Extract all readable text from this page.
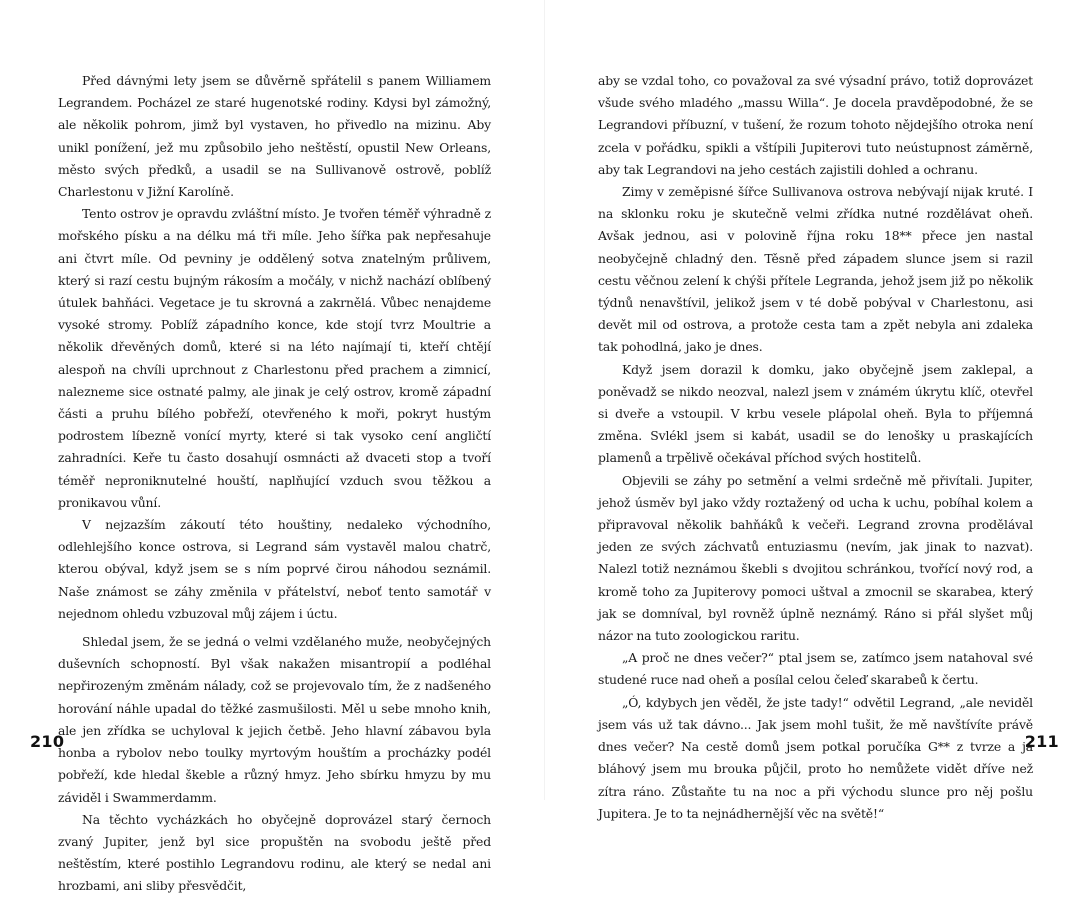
Před dávnými lety jsem se důvěrně spřátelil s panem Williamem Legrandem. Pocházel ze staré hugenotské rodiny. Kdysi byl zámožný, ale několik pohrom, jimž byl vystaven, ho přivedlo na mizinu. Aby unikl ponížení, jež mu způsobilo jeho neštěstí, opustil New Orleans, město svých předků, a usadil se na Sullivanově ostrově, poblíž Charlestonu v Jižní Karolíně.

Tento ostrov je opravdu zvláštní místo. Je tvořen téměř výhradně z mořského písku a na délku má tři míle. Jeho šířka pak nepřesahuje ani čtvrt míle. Od pevniny je oddělený sotva znatelným průlivem, který si razí cestu bujným rákosím a močály, v nichž nachází oblíbený útulek bahňáci. Vegetace je tu skrovná a zakrnělá. Vůbec nenajdeme vysoké stromy. Poblíž západního konce, kde stojí tvrz Moultrie a několik dřevěných domů, které si na léto najímají ti, kteří chtějí alespoň na chvíli uprchnout z Charlestonu před prachem a zimnicí, nalezneme sice ostnaté palmy, ale jinak je celý ostrov, kromě západní části a pruhu bílého pobřeží, otevřeného k moři, pokryt hustým podrostem líbezně vonící myrty, které si tak vysoko cení angličtí zahradníci. Keře tu často dosahují osmnácti až dvaceti stop a tvoří téměř neproniknutelné houští, naplňující vzduch svou těžkou a pronikavou vůní.

V nejzazším zákoutí této houštiny, nedaleko východního, odlehlejšího konce ostrova, si Legrand sám vystavěl malou chatrč, kterou obýval, když jsem se s ním poprvé čirou náhodou seznámil. Naše známost se záhy změnila v přátelství, neboť tento samotář v nejednom ohledu vzbuzoval můj zájem i úctu.

Shledal jsem, že se jedná o velmi vzdělaného muže, neobyčejných duševních schopností. Byl však nakažen misantropií a podléhal nepřirozeným změnám nálady, což se projevovalo tím, že z nadšeného horování náhle upadal do těžké zasmušilosti. Měl u sebe mnoho knih, ale jen zřídka se uchyloval k jejich četbě. Jeho hlavní zábavou byla honba a rybolov nebo toulky myrtovým houštím a procházky podél pobřeží, kde hledal škeble a různý hmyz. Jeho sbírku hmyzu by mu záviděl i Swammerdamm.

Na těchto vycházkách ho obyčejně doprovázel starý černoch zvaný Jupiter, jenž byl sice propuštěn na svobodu ještě před neštěstím, které postihlo Legrandovu rodinu, ale který se nedal ani hrozbami, ani sliby přesvědčit,

210

aby se vzdal toho, co považoval za své výsadní právo, totiž doprovázet všude svého mladého „massu Willa“. Je docela pravděpodobné, že se Legrandovi příbuzní, v tušení, že rozum tohoto nějdejšího otroka není zcela v pořádku, spikli a vštípili Jupiterovi tuto neústupnost záměrně, aby tak Legrandovi na jeho cestách zajistili dohled a ochranu.

Zimy v zeměpisné šířce Sullivanova ostrova nebývají nijak kruté. I na sklonku roku je skutečně velmi zřídka nutné rozdělávat oheň. Avšak jednou, asi v polovině října roku 18** přece jen nastal neobyčejně chladný den. Těsně před západem slunce jsem si razil cestu věčnou zelení k chýši přítele Legranda, jehož jsem již po několik týdnů nenavštívil, jelikož jsem v té době pobýval v Charlestonu, asi devět mil od ostrova, a protože cesta tam a zpět nebyla ani zdaleka tak pohodlná, jako je dnes.

Když jsem dorazil k domku, jako obyčejně jsem zaklepal, a poněvadž se nikdo neozval, nalezl jsem v známém úkrytu klíč, otevřel si dveře a vstoupil. V krbu vesele plápolal oheň. Byla to příjemná změna. Svlékl jsem si kabát, usadil se do lenošky u praskajících plamenů a trpělivě očekával příchod svých hostitelů.

Objevili se záhy po setmění a velmi srdečně mě přivítali. Jupiter, jehož úsměv byl jako vždy roztažený od ucha k uchu, pobíhal kolem a připravoval několik bahňáků k večeři. Legrand zrovna prodělával jeden ze svých záchvatů entuziasmu (nevím, jak jinak to nazvat). Nalezl totiž neznámou škebli s dvojitou schránkou, tvořící nový rod, a kromě toho za Jupiterovy pomoci uštval a zmocnil se skarabea, který jak se domníval, byl rovněž úplně neznámý. Ráno si přál slyšet můj názor na tuto zoologickou raritu.

„A proč ne dnes večer?“ ptal jsem se, zatímco jsem natahoval své studené ruce nad oheň a posílal celou čeleď skarabeů k čertu.

„Ó, kdybych jen věděl, že jste tady!“ odvětil Legrand, „ale neviděl jsem vás už tak dávno... Jak jsem mohl tušit, že mě navštívíte právě dnes večer? Na cestě domů jsem potkal poručíka G** z tvrze a já bláhový jsem mu brouka půjčil, proto ho nemůžete vidět dříve než zítra ráno. Zůstaňte tu na noc a při východu slunce pro něj pošlu Jupitera. Je to ta nejnádhernější věc na světě!“

211
